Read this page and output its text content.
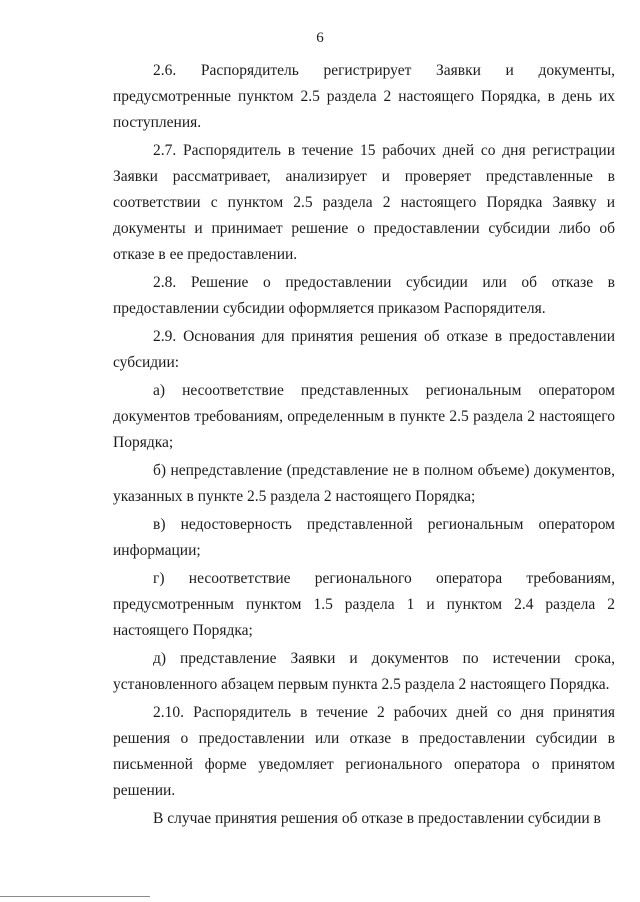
6

2.6. Распорядитель регистрирует Заявки и документы, предусмотренные пунктом 2.5 раздела 2 настоящего Порядка, в день их поступления.

2.7. Распорядитель в течение 15 рабочих дней со дня регистрации Заявки рассматривает, анализирует и проверяет представленные в соответствии с пунктом 2.5 раздела 2 настоящего Порядка Заявку и документы и принимает решение о предоставлении субсидии либо об отказе в ее предоставлении.

2.8. Решение о предоставлении субсидии или об отказе в предоставлении субсидии оформляется приказом Распорядителя.

2.9. Основания для принятия решения об отказе в предоставлении субсидии:

а) несоответствие представленных региональным оператором документов требованиям, определенным в пункте 2.5 раздела 2 настоящего Порядка;

б) непредставление (представление не в полном объеме) документов, указанных в пункте 2.5 раздела 2 настоящего Порядка;

в) недостоверность представленной региональным оператором информации;

г) несоответствие регионального оператора требованиям, предусмотренным пунктом 1.5 раздела 1 и пунктом 2.4 раздела 2 настоящего Порядка;

д) представление Заявки и документов по истечении срока, установленного абзацем первым пункта 2.5 раздела 2 настоящего Порядка.

2.10. Распорядитель в течение 2 рабочих дней со дня принятия решения о предоставлении или отказе в предоставлении субсидии в письменной форме уведомляет регионального оператора о принятом решении.

В случае принятия решения об отказе в предоставлении субсидии в
